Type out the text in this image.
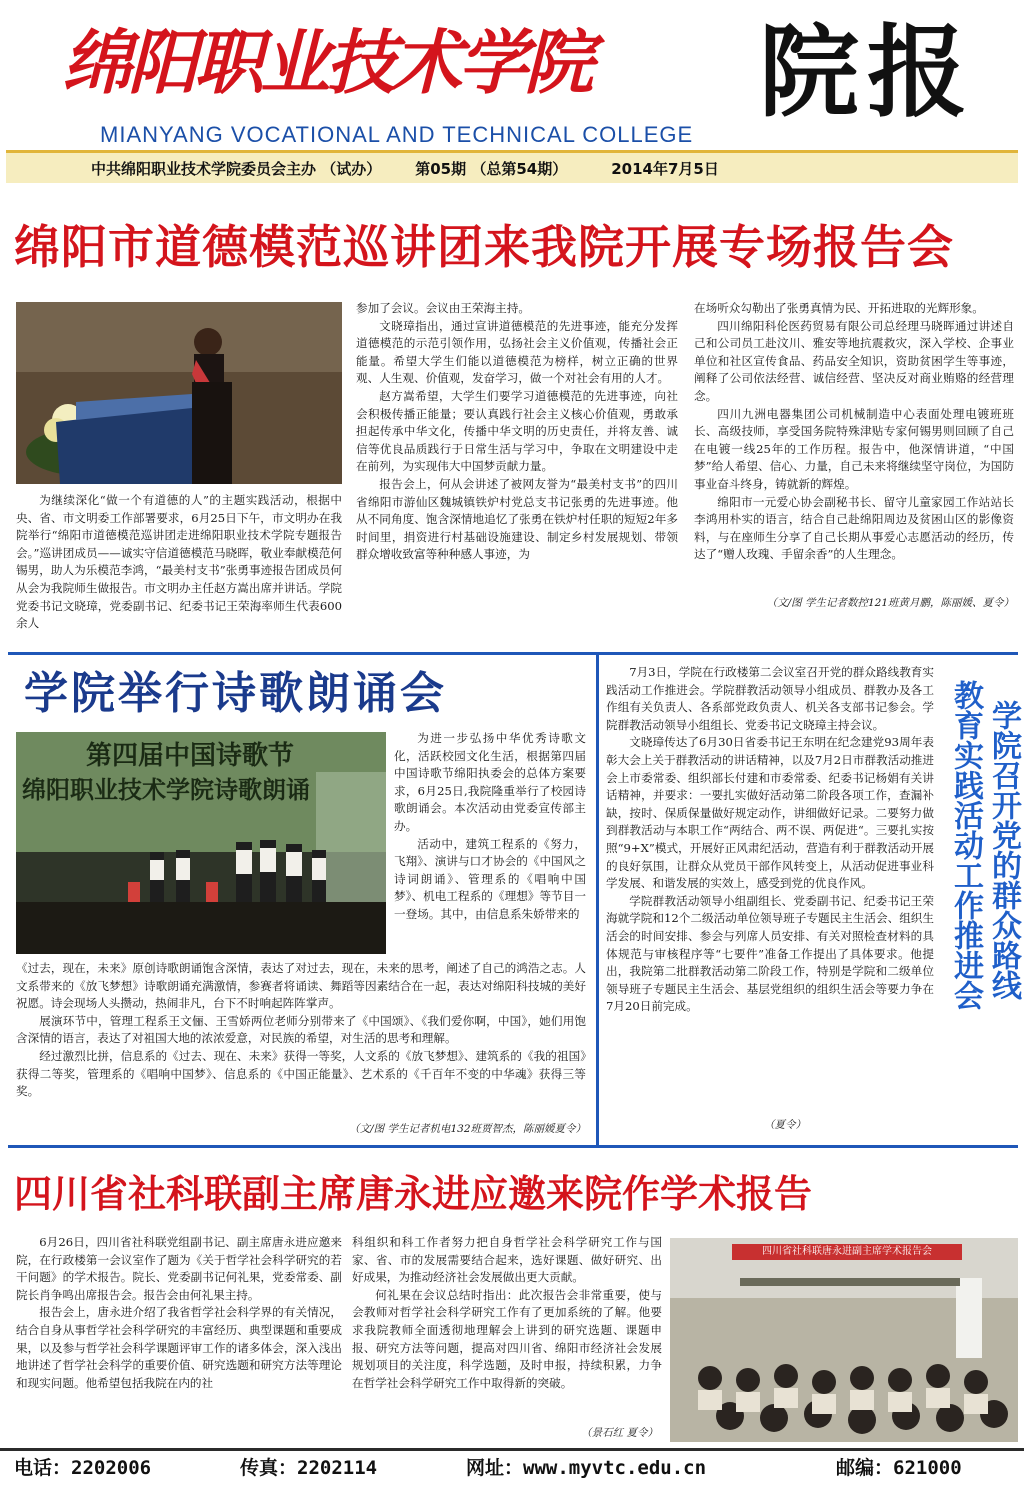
绵阳职业技术学院	院报
MIANYANG VOCATIONAL AND TECHNICAL COLLEGE
中共绵阳职业技术学院委员会主办 （试办） 第05期 （总第54期）	2014年7月5日
绵阳市道德模范巡讲团来我院开展专场报告会

为继续深化“做一个有道德的人”的主题实践活动，根据中央、省、市文明委工作部署要求，6月25日下午，市文明办在我院举行“绵阳市道德模范巡讲团走进绵阳职业技术学院专题报告会。”巡讲团成员——诚实守信道德模范马晓晖，敬业奉献模范何锡男，助人为乐模范李鸿，“最美村支书”张勇事迹报告团成员何从会为我院师生做报告。市文明办主任赵方嵩出席并讲话。学院党委书记文晓璋，党委副书记、纪委书记王荣海率师生代表600余人

参加了会议。会议由王荣海主持。

文晓璋指出，通过宣讲道德模范的先进事迹，能充分发挥道德模范的示范引领作用，弘扬社会主义价值观，传播社会正能量。希望大学生们能以道德模范为榜样，树立正确的世界观、人生观、价值观，发奋学习，做一个对社会有用的人才。

赵方嵩希望，大学生们要学习道德模范的先进事迹，向社会积极传播正能量；要认真践行社会主义核心价值观，勇敢承担起传承中华文化，传播中华文明的历史责任，并将友善、诚信等优良品质践行于日常生活与学习中，争取在文明建设中走在前列，为实现伟大中国梦贡献力量。

报告会上，何从会讲述了被网友誉为“最美村支书”的四川省绵阳市游仙区魏城镇铁炉村党总支书记张勇的先进事迹。他从不同角度、饱含深情地追忆了张勇在铁炉村任职的短短2年多时间里，捐资进行村基础设施建设、制定乡村发展规划、带领群众增收致富等种种感人事迹，为

在场听众勾勒出了张勇真情为民、开拓进取的光辉形象。

四川绵阳科伦医药贸易有限公司总经理马晓晖通过讲述自己和公司员工赴汶川、雅安等地抗震救灾，深入学校、企事业单位和社区宣传食品、药品安全知识，资助贫困学生等事迹，阐释了公司依法经营、诚信经营、坚决反对商业贿赂的经营理念。

四川九洲电器集团公司机械制造中心表面处理电镀班班长、高级技师，享受国务院特殊津贴专家何锡男则回顾了自己在电镀一线25年的工作历程。报告中，他深情讲道，“中国梦”给人希望、信心、力量，自己未来将继续坚守岗位，为国防事业奋斗终身，铸就新的辉煌。

绵阳市一元爱心协会副秘书长、留守儿童家园工作站站长李鸿用朴实的语言，结合自己赴绵阳周边及贫困山区的影像资料，与在座师生分享了自己长期从事爱心志愿活动的经历，传达了“赠人玫瑰、手留余香”的人生理念。

（文/图 学生记者数控121班黄月鹏，陈丽媛、夏令）
学院举行诗歌朗诵会
第四届中国诗歌节
绵阳职业技术学院诗歌朗诵

为进一步弘扬中华优秀诗歌文化，活跃校园文化生活，根据第四届中国诗歌节绵阳执委会的总体方案要求，6月25日,我院隆重举行了校园诗歌朗诵会。本次活动由党委宣传部主办。

活动中，建筑工程系的《努力，飞翔》、演讲与口才协会的《中国风之诗词朗诵》、管理系的《唱响中国梦》、机电工程系的《理想》等节目一一登场。其中，由信息系朱娇带来的

《过去，现在，未来》原创诗歌朗诵饱含深情，表达了对过去，现在，未来的思考，阐述了自己的鸿浩之志。人文系带来的《放飞梦想》诗歌朗诵充满激情，参赛者将诵读、舞蹈等因素结合在一起，表达对绵阳科技城的美好祝愿。诗会现场人头攒动，热闹非凡，台下不时响起阵阵掌声。

展演环节中，管理工程系王文俪、王雪娇两位老师分别带来了《中国颂》、《我们爱你啊，中国》，她们用饱含深情的语言，表达了对祖国大地的浓浓爱意，对民族的希望，对生活的思考和理解。

经过激烈比拼，信息系的《过去、现在、未来》获得一等奖，人文系的《放飞梦想》、建筑系的《我的祖国》获得二等奖，管理系的《唱响中国梦》、信息系的《中国正能量》、艺术系的《千百年不变的中华魂》获得三等奖。

（文/图 学生记者机电132班贾智杰，陈丽媛夏令）

7月3日，学院在行政楼第二会议室召开党的群众路线教育实践活动工作推进会。学院群教活动领导小组成员、群教办及各工作组有关负责人、各系部党政负责人、机关各支部书记参会。学院群教活动领导小组组长、党委书记文晓璋主持会议。

文晓璋传达了6月30日省委书记王东明在纪念建党93周年表彰大会上关于群教活动的讲话精神，以及7月2日市群教活动推进会上市委常委、组织部长付建和市委常委、纪委书记杨娟有关讲话精神，并要求：一要扎实做好活动第二阶段各项工作，查漏补缺，按时、保质保量做好规定动作，讲细做好记录。二要努力做到群教活动与本职工作“两结合、两不误、两促进“。三要扎实按照“9+X”模式，开展好正风肃纪活动，营造有利于群教活动开展的良好氛围，让群众从党员干部作风转变上，从活动促进事业科学发展、和谐发展的实效上，感受到党的优良作风。

学院群教活动领导小组副组长、党委副书记、纪委书记王荣海就学院和12个二级活动单位领导班子专题民主生活会、组织生活会的时间安排、参会与列席人员安排、有关对照检查材料的具体规范与审核程序等“七要件”准备工作提出了具体要求。他提出，我院第二批群教活动第二阶段工作，特别是学院和二级单位领导班子专题民主生活会、基层党组织的组织生活会等要力争在7月20日前完成。

（夏令）
学院召开党的群众路线
教育实践活动工作推进会
四川省社科联副主席唐永进应邀来院作学术报告

6月26日，四川省社科联党组副书记、副主席唐永进应邀来院，在行政楼第一会议室作了题为《关于哲学社会科学研究的若干问题》的学术报告。院长、党委副书记何礼果，党委常委、副院长肖争鸣出席报告会。报告会由何礼果主持。

报告会上，唐永进介绍了我省哲学社会科学界的有关情况，结合自身从事哲学社会科学研究的丰富经历、典型课题和重要成果，以及参与哲学社会科学课题评审工作的诸多体会，深入浅出地讲述了哲学社会科学的重要价值、研究选题和研究方法等理论和现实问题。他希望包括我院在内的社

科组织和科工作者努力把自身哲学社会科学研究工作与国家、省、市的发展需要结合起来，选好课题、做好研究、出好成果，为推动经济社会发展做出更大贡献。

何礼果在会议总结时指出：此次报告会非常重要，使与会教师对哲学社会科学研究工作有了更加系统的了解。他要求我院教师全面透彻地理解会上讲到的研究选题、课题申报、研究方法等问题，提高对四川省、绵阳市经济社会发展规划项目的关注度，科学选题，及时申报，持续积累，力争在哲学社会科学研究工作中取得新的突破。

（景石红 夏令）
四川省社科联唐永进副主席学术报告会
电话：2202006	传真：2202114	网址：www.myvtc.edu.cn	邮编：621000
